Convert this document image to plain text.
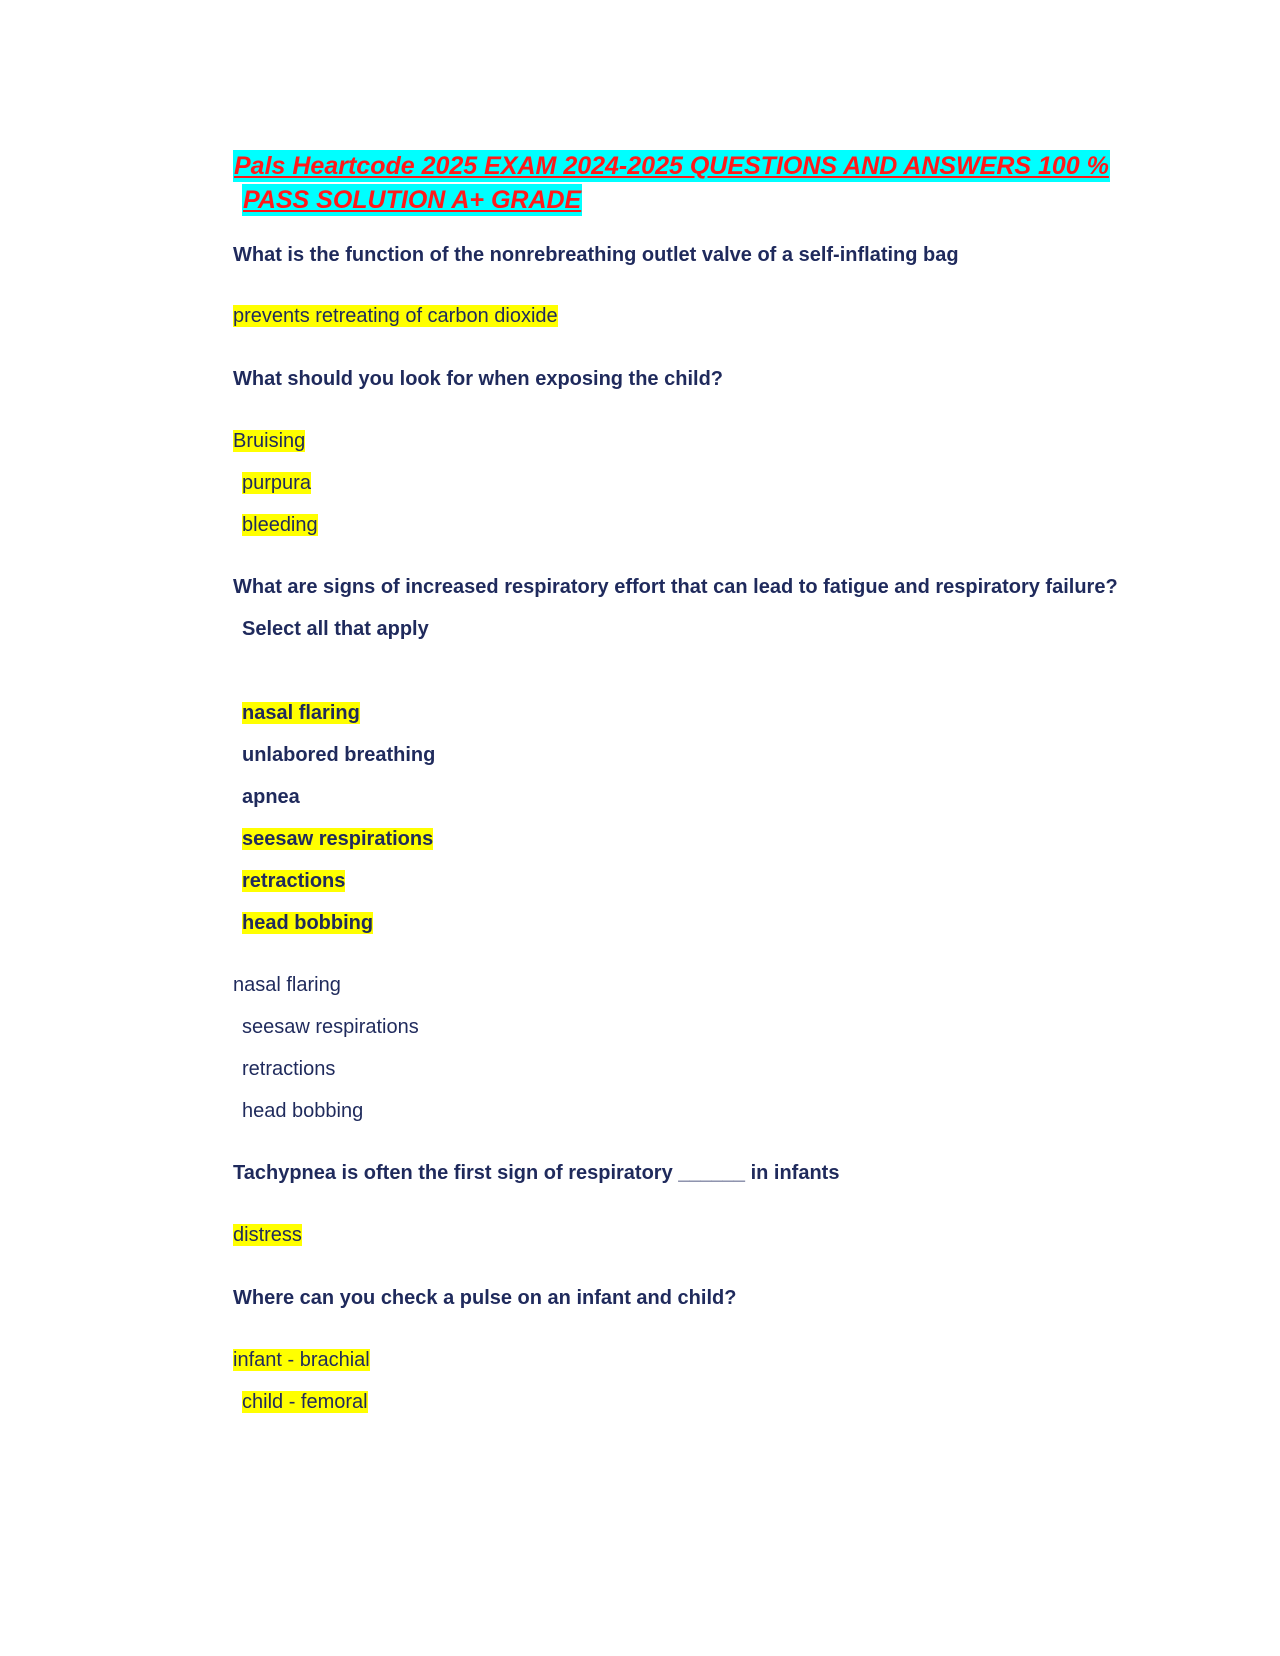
Pals Heartcode 2025 EXAM 2024-2025 QUESTIONS AND ANSWERS 100 %
PASS SOLUTION A+ GRADE
What is the function of the nonrebreathing outlet valve of a self-inflating bag
prevents retreating of carbon dioxide
What should you look for when exposing the child?
Bruising
purpura
bleeding
What are signs of increased respiratory effort that can lead to fatigue and respiratory failure?
Select all that apply
nasal flaring
unlabored breathing
apnea
seesaw respirations
retractions
head bobbing
nasal flaring
seesaw respirations
retractions
head bobbing
Tachypnea is often the first sign of respiratory ______ in infants
distress
Where can you check a pulse on an infant and child?
infant - brachial
child - femoral
